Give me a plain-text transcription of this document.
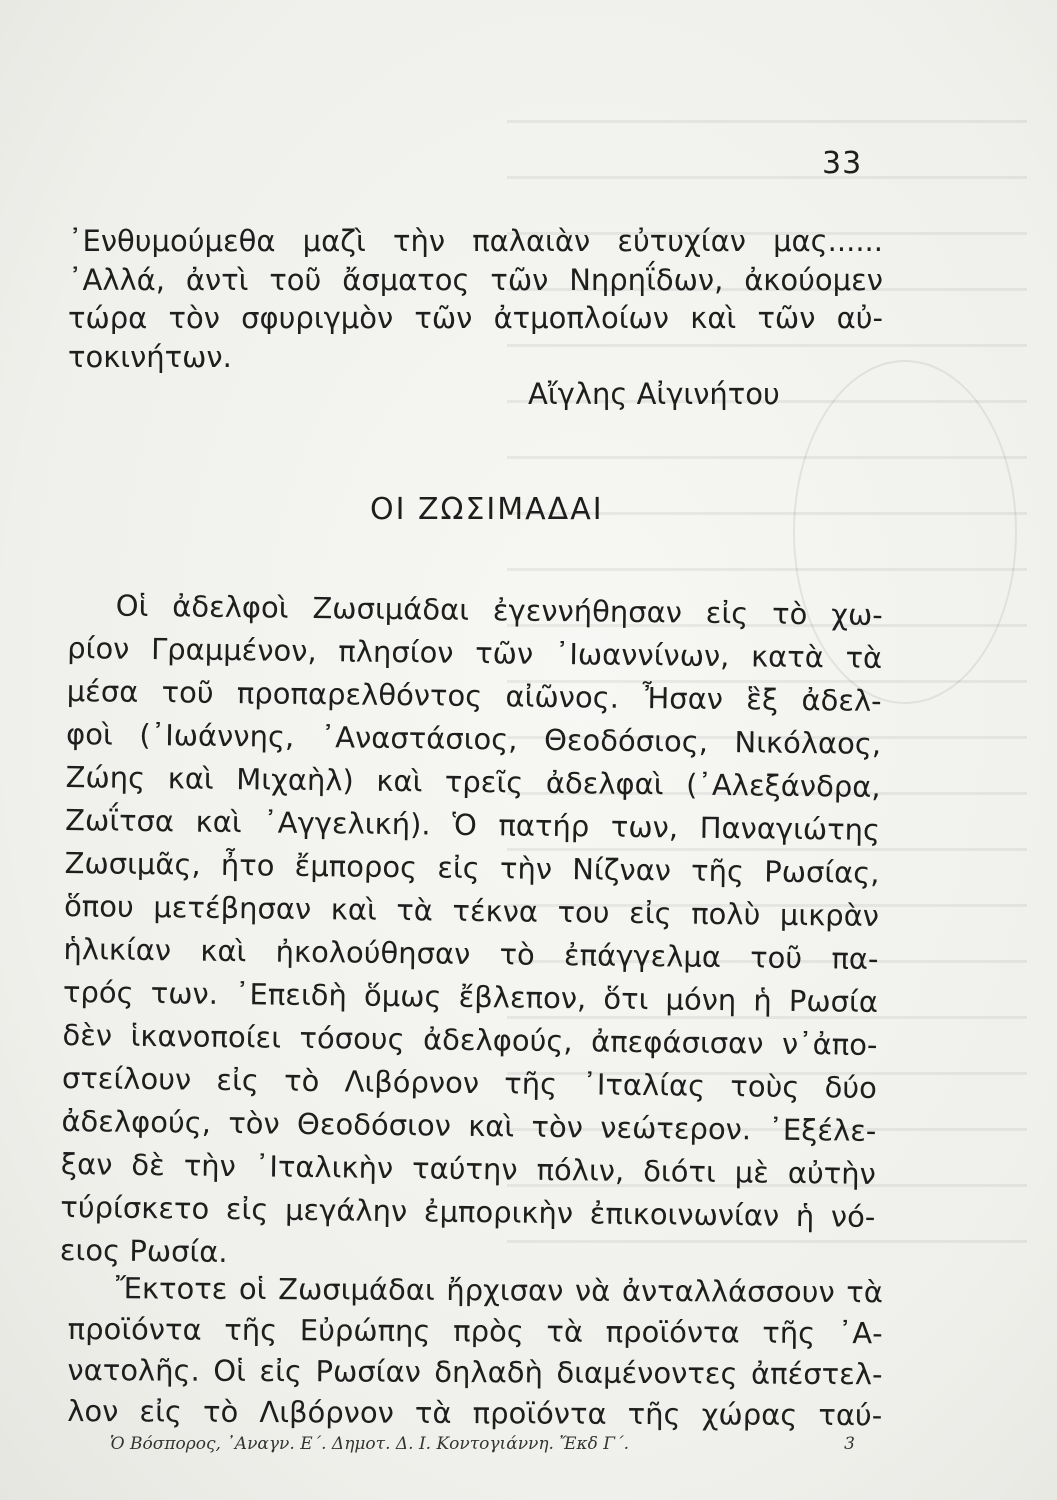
33
᾿Ενθυμούμεθα μαζὶ τὴν παλαιὰν εὐτυχίαν μας......
᾿Αλλά, ἀντὶ τοῦ ἄσματος τῶν Νηρηΐδων, ἀκούομεν
τώρα τὸν σφυριγμὸν τῶν ἀτμοπλοίων καὶ τῶν αὐ-
τοκινήτων.
Αἴγλης Αἰγινήτου
ΟΙ ΖΩΣΙΜΑΔΑΙ
Οἱ ἀδελφοὶ Ζωσιμάδαι ἐγεννήθησαν εἰς τὸ χω-
ρίον Γραμμένον, πλησίον τῶν ᾿Ιωαννίνων, κατὰ τὰ
μέσα τοῦ προπαρελθόντος αἰῶνος. Ἦσαν ἓξ ἀδελ-
φοὶ (᾿Ιωάννης, ᾿Αναστάσιος, Θεοδόσιος, Νικόλαος,
Ζώης καὶ Μιχαὴλ) καὶ τρεῖς ἀδελφαὶ (᾿Αλεξάνδρα,
Ζωΐτσα καὶ ᾿Αγγελική). Ὁ πατήρ των, Παναγιώτης
Ζωσιμᾶς, ἦτο ἔμπορος εἰς τὴν Νίζναν τῆς Ρωσίας,
ὅπου μετέβησαν καὶ τὰ τέκνα του εἰς πολὺ μικρὰν
ἡλικίαν καὶ ἠκολούθησαν τὸ ἐπάγγελμα τοῦ πα-
τρός των. ᾿Επειδὴ ὅμως ἔβλεπον, ὅτι μόνη ἡ Ρωσία
δὲν ἱκανοποίει τόσους ἀδελφούς, ἀπεφάσισαν ν᾿ἀπο-
στείλουν εἰς τὸ Λιβόρνον τῆς ᾿Ιταλίας τοὺς δύο
ἀδελφούς, τὸν Θεοδόσιον καὶ τὸν νεώτερον. ᾿Εξέλε-
ξαν δὲ τὴν ᾿Ιταλικὴν ταύτην πόλιν, διότι μὲ αὐτὴν
τύρίσκετο εἰς μεγάλην ἐμπορικὴν ἐπικοινωνίαν ἡ νό-
ειος Ρωσία.
Ἔκτοτε οἱ Ζωσιμάδαι ἤρχισαν νὰ ἀνταλλάσσουν τὰ
προϊόντα τῆς Εὐρώπης πρὸς τὰ προϊόντα τῆς ᾿Α-
νατολῆς. Οἱ εἰς Ρωσίαν δηλαδὴ διαμένοντες ἀπέστελ-
λον εἰς τὸ Λιβόρνον τὰ προϊόντα τῆς χώρας ταύ-
Ὁ Βόσπορος, ᾿Αναγν. Ε΄. Δημοτ. Δ. Ι. Κοντογιάννη. Ἔκδ Γ΄.	3
